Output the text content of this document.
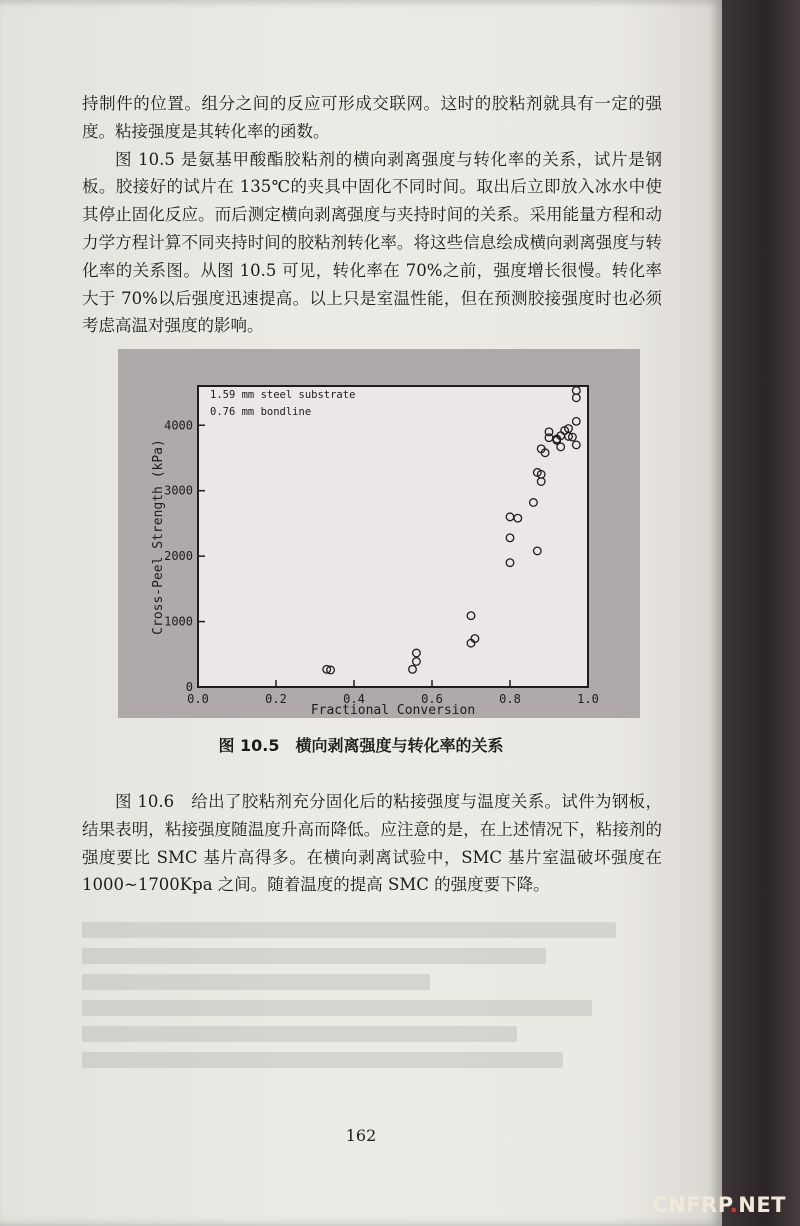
持制件的位置。组分之间的反应可形成交联网。这时的胶粘剂就具有一定的强度。粘接强度是其转化率的函数。

图 10.5 是氨基甲酸酯胶粘剂的横向剥离强度与转化率的关系，试片是钢板。胶接好的试片在 135℃的夹具中固化不同时间。取出后立即放入冰水中使其停止固化反应。而后测定横向剥离强度与夹持时间的关系。采用能量方程和动力学方程计算不同夹持时间的胶粘剂转化率。将这些信息绘成横向剥离强度与转化率的关系图。从图 10.5 可见，转化率在 70%之前，强度增长很慢。转化率大于 70%以后强度迅速提高。以上只是室温性能，但在预测胶接强度时也必须考虑高温对强度的影响。

0.0	0.2	0.4	0.6	0.8	1.0
0
1000
2000
3000
4000
1.59 mm steel substrate
0.76 mm bondline
Fractional Conversion
Cross-Peel Strength (kPa)
图 10.5　横向剥离强度与转化率的关系

图 10.6　给出了胶粘剂充分固化后的粘接强度与温度关系。试件为钢板，结果表明，粘接强度随温度升高而降低。应注意的是，在上述情况下，粘接剂的强度要比 SMC 基片高得多。在横向剥离试验中，SMC 基片室温破坏强度在 1000~1700Kpa 之间。随着温度的提高 SMC 的强度要下降。

162
CNFRP.NET
